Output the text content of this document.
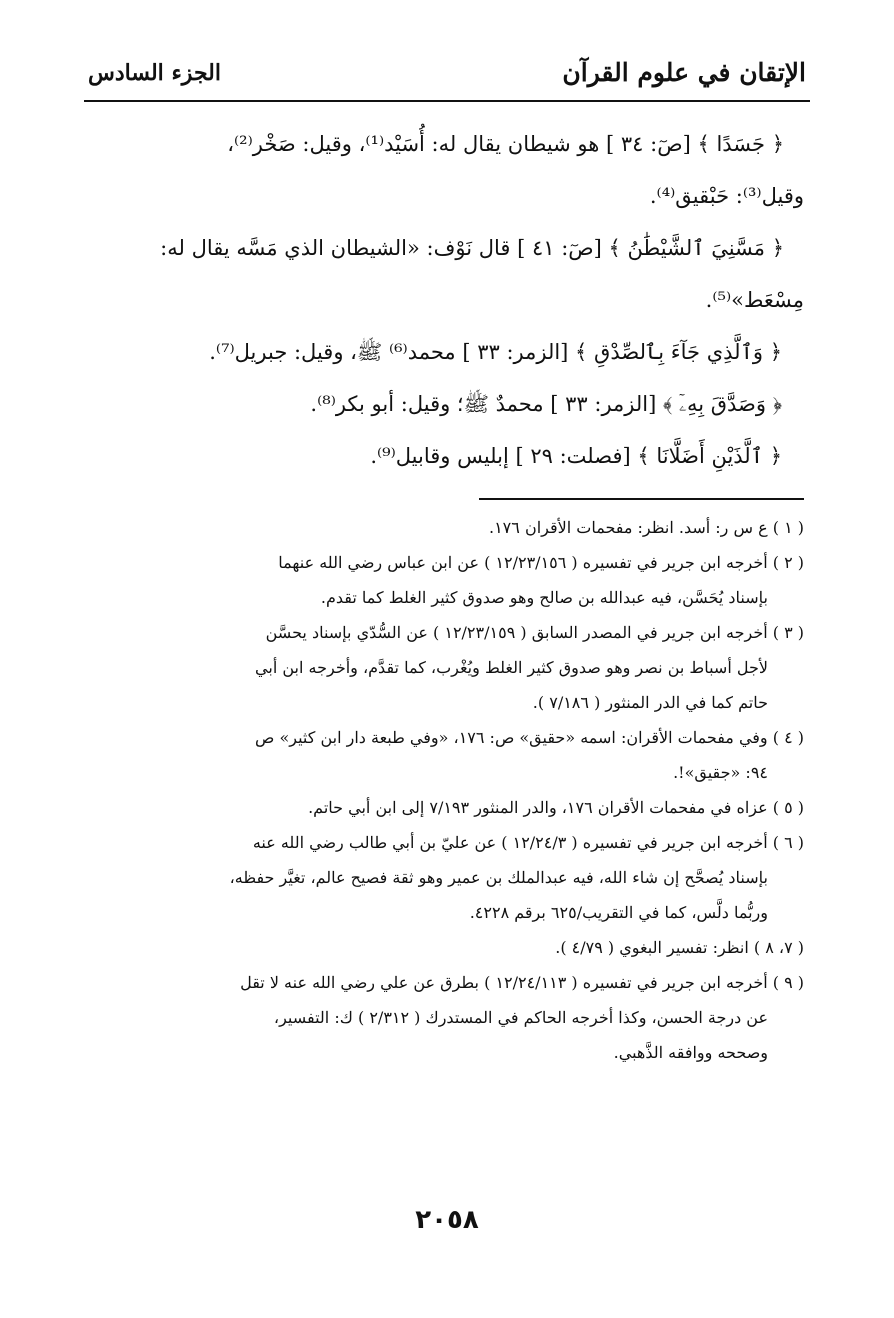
الإتقان في علوم القرآن
الجزء السادس

﴿ جَسَدًا ﴾ [صٓ: ٣٤ ] هو شيطان يقال له: أُسَيْد⁽¹⁾، وقيل: صَخْر⁽²⁾،

وقيل⁽³⁾: حَبْقيق⁽⁴⁾.

﴿ مَسَّنِيَ ٱلشَّيْطَٰنُ ﴾ [صٓ: ٤١ ] قال نَوْف: «الشيطان الذي مَسَّه يقال له:

مِسْعَط»⁽⁵⁾.

﴿ وَٱلَّذِي جَآءَ بِٱلصِّدْقِ ﴾ [الزمر: ٣٣ ] محمد⁽⁶⁾ ﷺ، وقيل: جبريل⁽⁷⁾.

﴿ وَصَدَّقَ بِهِۦٓ ﴾ [الزمر: ٣٣ ] محمدٌ ﷺ؛ وقيل: أبو بكر⁽⁸⁾.

﴿ ٱلَّذَيْنِ أَضَلَّانَا ﴾ [فصلت: ٢٩ ] إبليس وقابيل⁽⁹⁾.

( ١ ) ع س ر: أسد. انظر: مفحمات الأقران ١٧٦.

( ٢ ) أخرجه ابن جرير في تفسيره ( ١٢/٢٣/١٥٦ ) عن ابن عباس رضي الله عنهما

بإسناد يُحَسَّن، فيه عبدالله بن صالح وهو صدوق كثير الغلط كما تقدم.

( ٣ ) أخرجه ابن جرير في المصدر السابق ( ١٢/٢٣/١٥٩ ) عن السُّدّي بإسناد يحسَّن

لأجل أسباط بن نصر وهو صدوق كثير الغلط ويُغْرب، كما تقدَّم، وأخرجه ابن أبي

حاتم كما في الدر المنثور ( ٧/١٨٦ ).

( ٤ ) وفي مفحمات الأقران: اسمه «حقيق» ص: ١٧٦، «وفي طبعة دار ابن كثير» ص

٩٤: «جقيق»!.

( ٥ ) عزاه في مفحمات الأقران ١٧٦، والدر المنثور ٧/١٩٣ إلى ابن أبي حاتم.

( ٦ ) أخرجه ابن جرير في تفسيره ( ١٢/٢٤/٣ ) عن عليّ بن أبي طالب رضي الله عنه

بإسناد يُصحَّح إن شاء الله، فيه عبدالملك بن عمير وهو ثقة فصيح عالم، تغيَّر حفظه،

وربُّما دلَّس، كما في التقريب/٦٢٥ برقم ٤٢٢٨.

( ٧، ٨ ) انظر: تفسير البغوي ( ٤/٧٩ ).

( ٩ ) أخرجه ابن جرير في تفسيره ( ١٢/٢٤/١١٣ ) بطرق عن علي رضي الله عنه لا تقل

عن درجة الحسن، وكذا أخرجه الحاكم في المستدرك ( ٢/٣١٢ ) ك: التفسير،

وصححه ووافقه الذَّهبي.

٢٠٥٨
